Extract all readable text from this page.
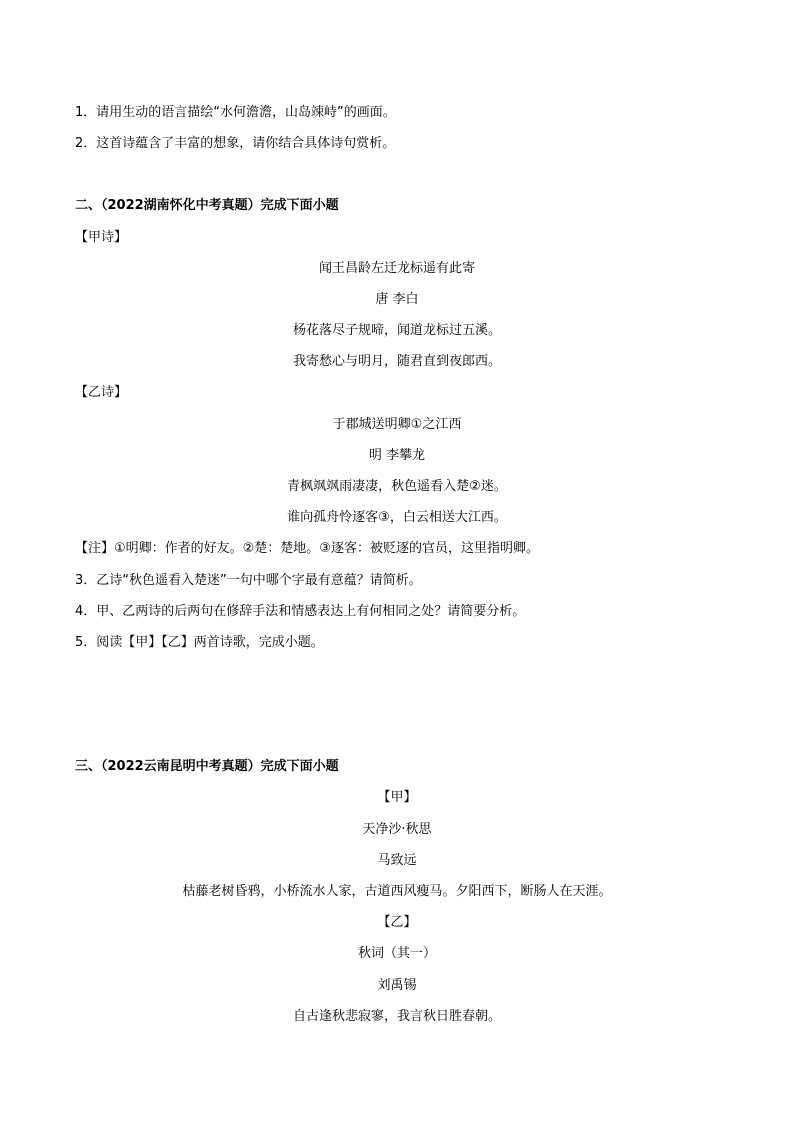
1．请用生动的语言描绘“水何澹澹，山岛竦峙”的画面。
2．这首诗蕴含了丰富的想象，请你结合具体诗句赏析。
二、（2022湖南怀化中考真题）完成下面小题
【甲诗】
闻王昌龄左迁龙标遥有此寄
唐 李白
杨花落尽子规啼，闻道龙标过五溪。
我寄愁心与明月，随君直到夜郎西。
【乙诗】
于郡城送明卿①之江西
明 李攀龙
青枫飒飒雨凄凄，秋色遥看入楚②迷。
谁向孤舟怜逐客③，白云相送大江西。
【注】①明卿：作者的好友。②楚：楚地。③逐客：被贬逐的官员，这里指明卿。
3．乙诗“秋色遥看入楚迷”一句中哪个字最有意蕴？请简析。
4．甲、乙两诗的后两句在修辞手法和情感表达上有何相同之处？请简要分析。
5．阅读【甲】【乙】两首诗歌，完成小题。
三、（2022云南昆明中考真题）完成下面小题
【甲】
天净沙·秋思
马致远
枯藤老树昏鸦，小桥流水人家，古道西风瘦马。夕阳西下，断肠人在天涯。
【乙】
秋词（其一）
刘禹锡
自古逢秋悲寂寥，我言秋日胜春朝。
